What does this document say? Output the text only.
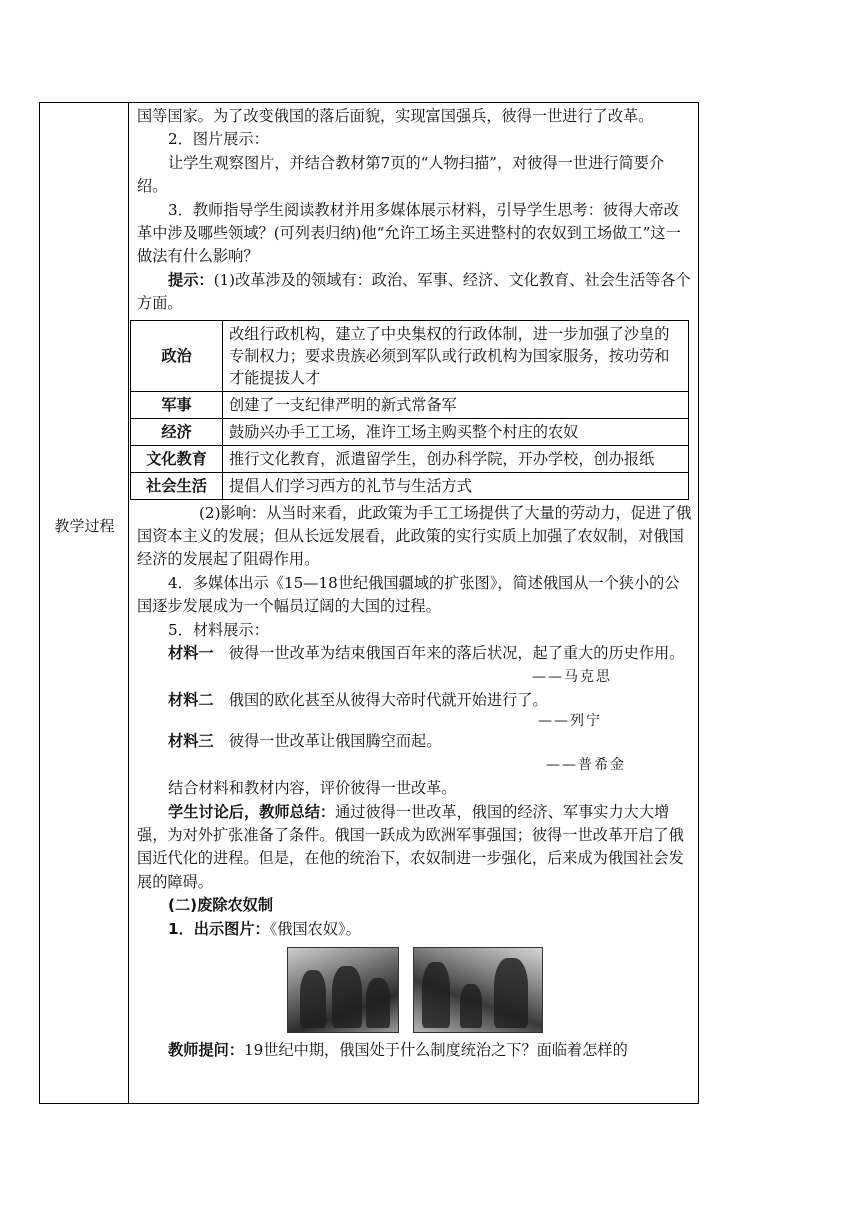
教学过程

国等国家。为了改变俄国的落后面貌，实现富国强兵，彼得一世进行了改革。

2．图片展示：

让学生观察图片，并结合教材第7页的“人物扫描”，对彼得一世进行简要介绍。

3．教师指导学生阅读教材并用多媒体展示材料，引导学生思考：彼得大帝改革中涉及哪些领域？(可列表归纳)他“允许工场主买进整村的农奴到工场做工”这一做法有什么影响？

提示：(1)改革涉及的领域有：政治、军事、经济、文化教育、社会生活等各个方面。

政治	改组行政机构，建立了中央集权的行政体制，进一步加强了沙皇的专制权力；要求贵族必须到军队或行政机构为国家服务，按功劳和才能提拔人才
军事	创建了一支纪律严明的新式常备军
经济	鼓励兴办手工工场，准许工场主购买整个村庄的农奴
文化教育	推行文化教育，派遣留学生，创办科学院，开办学校，创办报纸
社会生活	提倡人们学习西方的礼节与生活方式

(2)影响：从当时来看，此政策为手工工场提供了大量的劳动力，促进了俄国资本主义的发展；但从长远发展看，此政策的实行实质上加强了农奴制，对俄国经济的发展起了阻碍作用。

4．多媒体出示《15—18世纪俄国疆域的扩张图》，简述俄国从一个狭小的公国逐步发展成为一个幅员辽阔的大国的过程。

5．材料展示：

材料一　 彼得一世改革为结束俄国百年来的落后状况，起了重大的历史作用。

——马克思

材料二　 俄国的欧化甚至从彼得大帝时代就开始进行了。

——列宁

材料三　 彼得一世改革让俄国腾空而起。

——普希金

结合材料和教材内容，评价彼得一世改革。

学生讨论后，教师总结：通过彼得一世改革，俄国的经济、军事实力大大增强，为对外扩张准备了条件。俄国一跃成为欧洲军事强国；彼得一世改革开启了俄国近代化的进程。但是，在他的统治下，农奴制进一步强化，后来成为俄国社会发展的障碍。

(二)废除农奴制

1．出示图片：《俄国农奴》。

教师提问：19世纪中期，俄国处于什么制度统治之下？面临着怎样的
